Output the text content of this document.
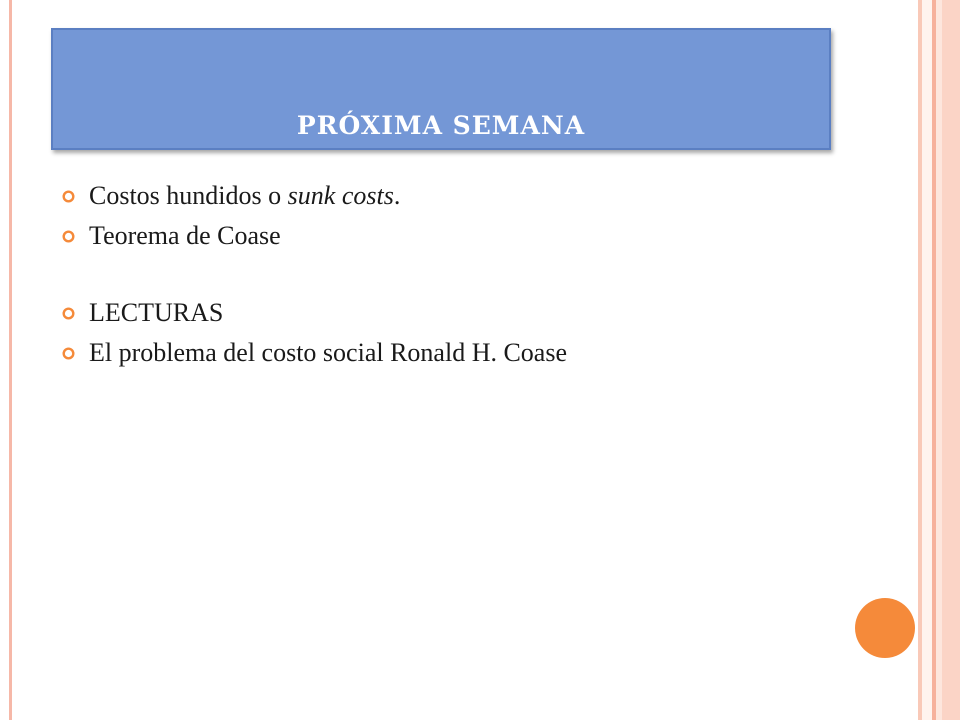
PRÓXIMA SEMANA
Costos hundidos o sunk costs.
Teorema de Coase
LECTURAS
El problema del costo social Ronald H. Coase
